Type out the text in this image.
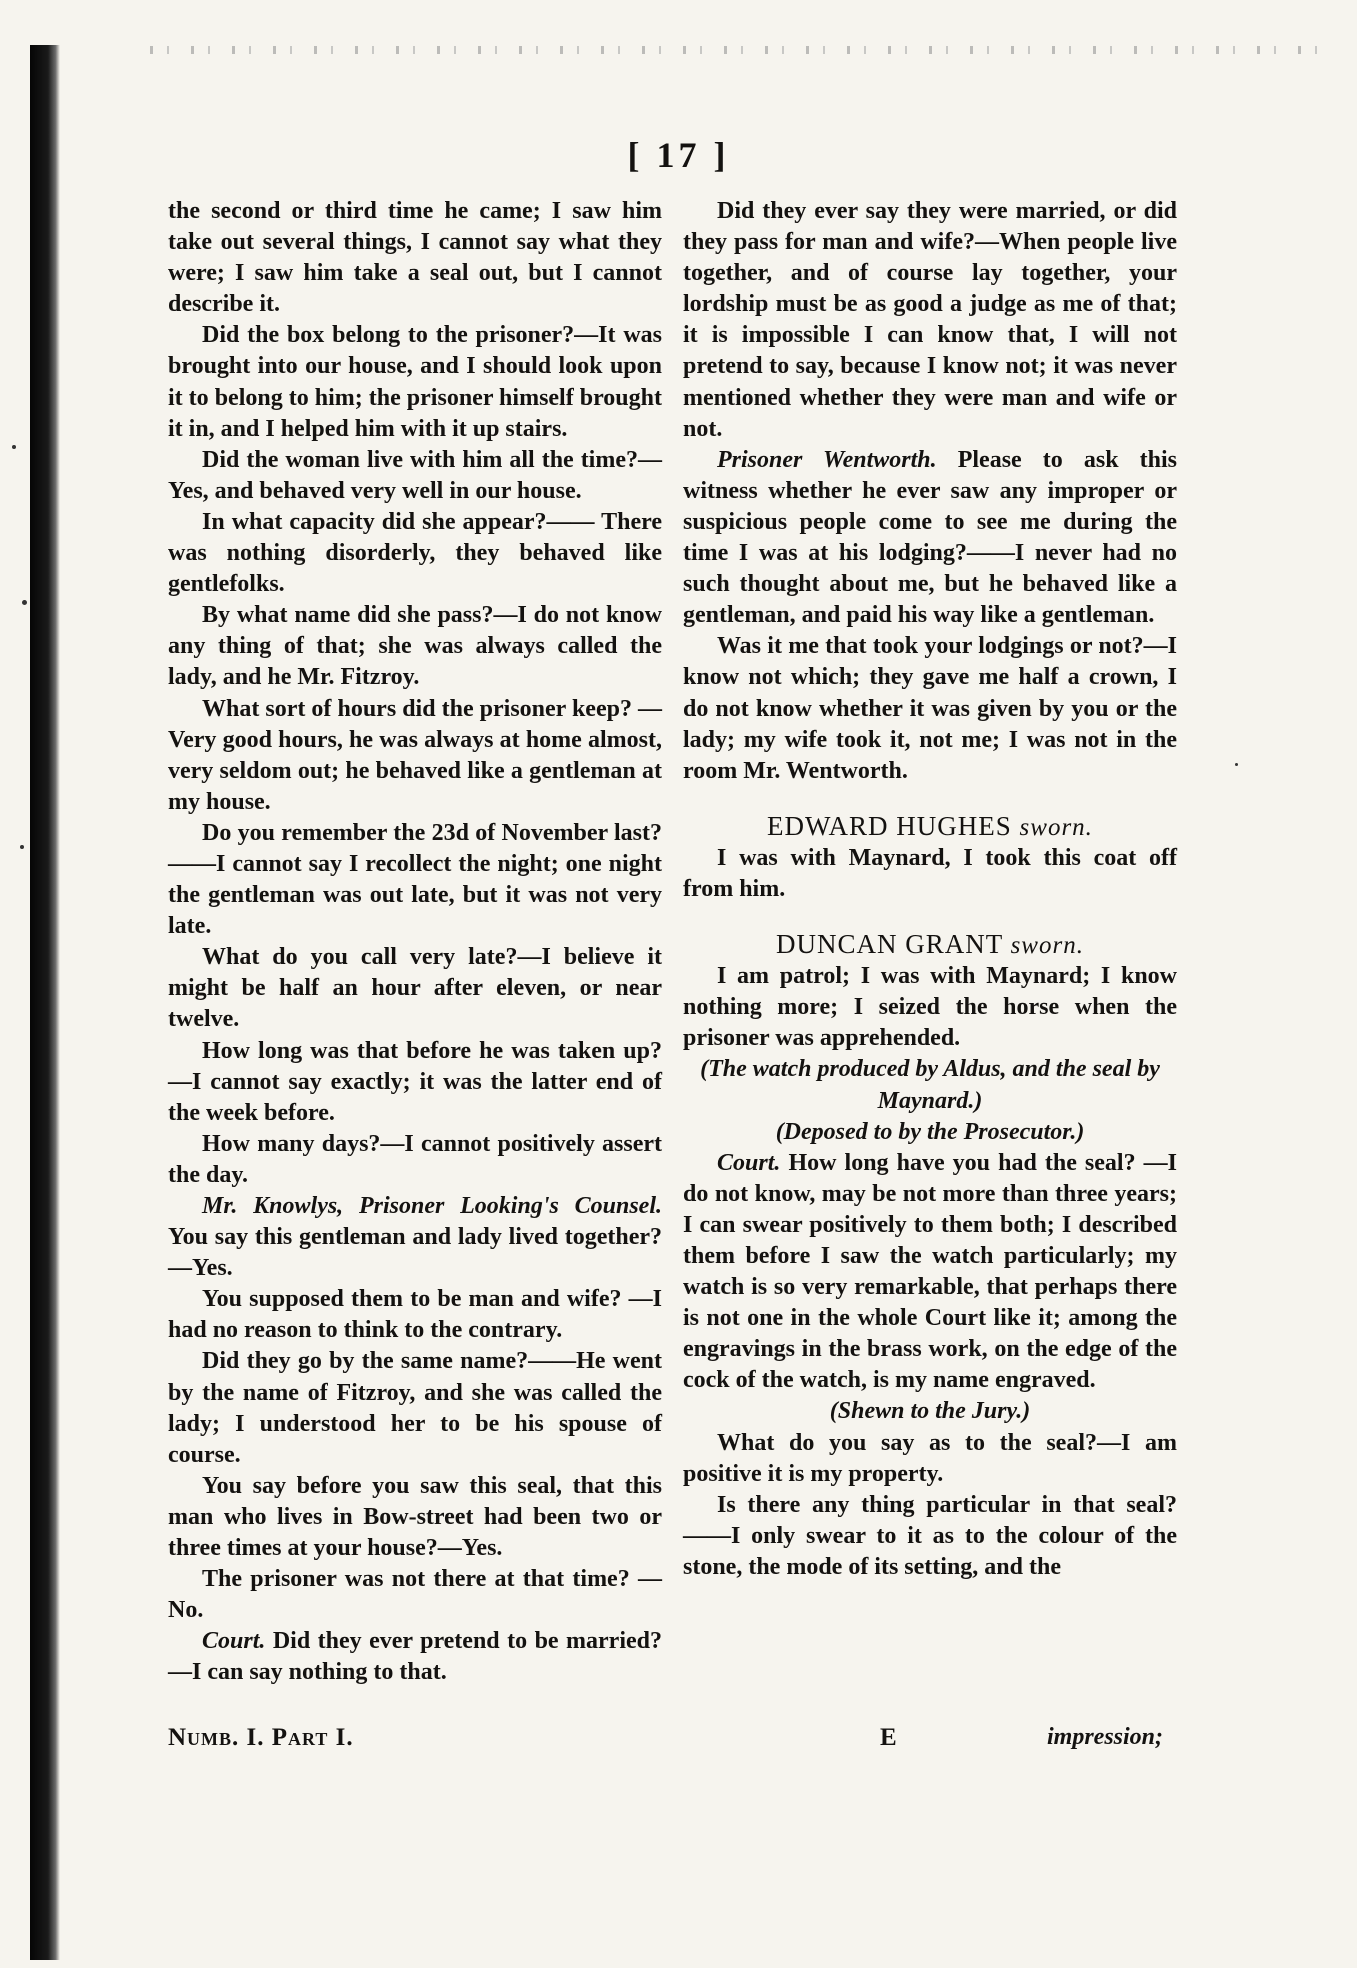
[ 17 ]

the second or third time he came; I saw him take out several things, I cannot say what they were; I saw him take a seal out, but I cannot describe it.

Did the box belong to the prisoner?—It was brought into our house, and I should look upon it to belong to him; the prisoner himself brought it in, and I helped him with it up stairs.

Did the woman live with him all the time?—Yes, and behaved very well in our house.

In what capacity did she appear?—— There was nothing disorderly, they behaved like gentlefolks.

By what name did she pass?—I do not know any thing of that; she was always called the lady, and he Mr. Fitzroy.

What sort of hours did the prisoner keep? —Very good hours, he was always at home almost, very seldom out; he behaved like a gentleman at my house.

Do you remember the 23d of November last?——I cannot say I recollect the night; one night the gentleman was out late, but it was not very late.

What do you call very late?—I believe it might be half an hour after eleven, or near twelve.

How long was that before he was taken up?—I cannot say exactly; it was the latter end of the week before.

How many days?—I cannot positively assert the day.

Mr. Knowlys, Prisoner Looking's Counsel. You say this gentleman and lady lived together?—Yes.

You supposed them to be man and wife? —I had no reason to think to the contrary.

Did they go by the same name?——He went by the name of Fitzroy, and she was called the lady; I understood her to be his spouse of course.

You say before you saw this seal, that this man who lives in Bow-street had been two or three times at your house?—Yes.

The prisoner was not there at that time? —No.

Court. Did they ever pretend to be married?—I can say nothing to that.

Did they ever say they were married, or did they pass for man and wife?—When people live together, and of course lay together, your lordship must be as good a judge as me of that; it is impossible I can know that, I will not pretend to say, because I know not; it was never mentioned whether they were man and wife or not.

Prisoner Wentworth. Please to ask this witness whether he ever saw any improper or suspicious people come to see me during the time I was at his lodging?——I never had no such thought about me, but he behaved like a gentleman, and paid his way like a gentleman.

Was it me that took your lodgings or not?—I know not which; they gave me half a crown, I do not know whether it was given by you or the lady; my wife took it, not me; I was not in the room Mr. Wentworth.

EDWARD HUGHES sworn.

I was with Maynard, I took this coat off from him.

DUNCAN GRANT sworn.

I am patrol; I was with Maynard; I know nothing more; I seized the horse when the prisoner was apprehended.

(The watch produced by Aldus, and the seal by Maynard.)

(Deposed to by the Prosecutor.)

Court. How long have you had the seal? —I do not know, may be not more than three years; I can swear positively to them both; I described them before I saw the watch particularly; my watch is so very remarkable, that perhaps there is not one in the whole Court like it; among the engravings in the brass work, on the edge of the cock of the watch, is my name engraved.

(Shewn to the Jury.)

What do you say as to the seal?—I am positive it is my property.

Is there any thing particular in that seal? ——I only swear to it as to the colour of the stone, the mode of its setting, and the

Numb. I. Part I.	E	impression;
